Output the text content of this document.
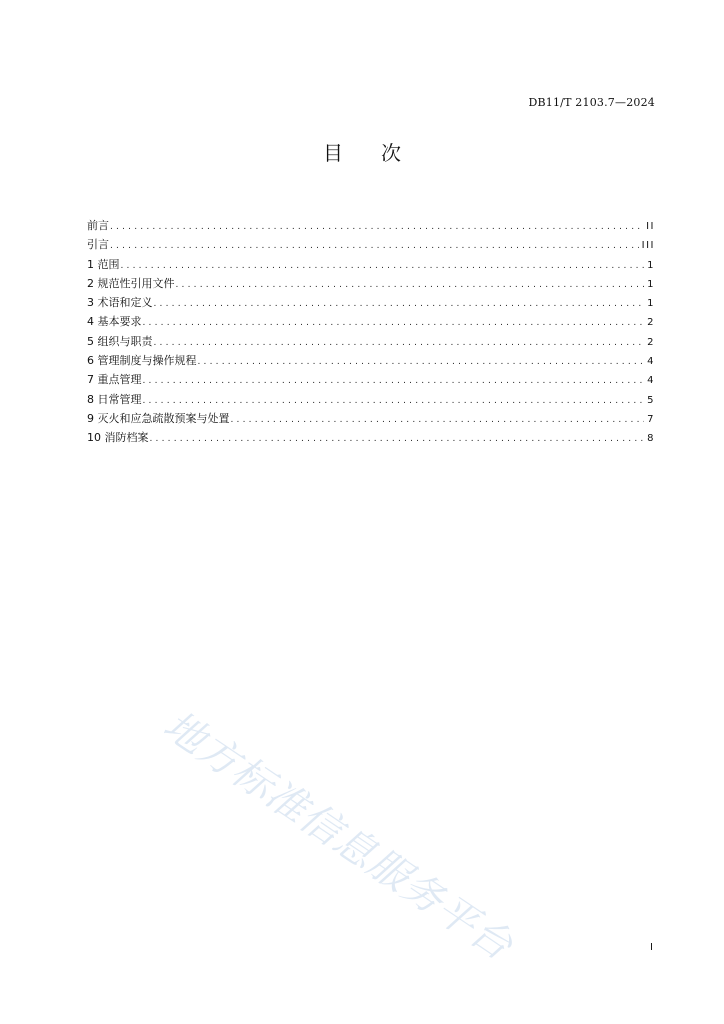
DB11/T 2103.7—2024
目 次
前言 .....	II
引言 .....	III
1 范围 .....	1
2 规范性引用文件 .....	1
3 术语和定义 .....	1
4 基本要求 .....	2
5 组织与职责 .....	2
6 管理制度与操作规程 .....	4
7 重点管理 .....	4
8 日常管理 .....	5
9 灭火和应急疏散预案与处置 .....	7
10 消防档案 .....	8
地方标准信息服务平台	I
